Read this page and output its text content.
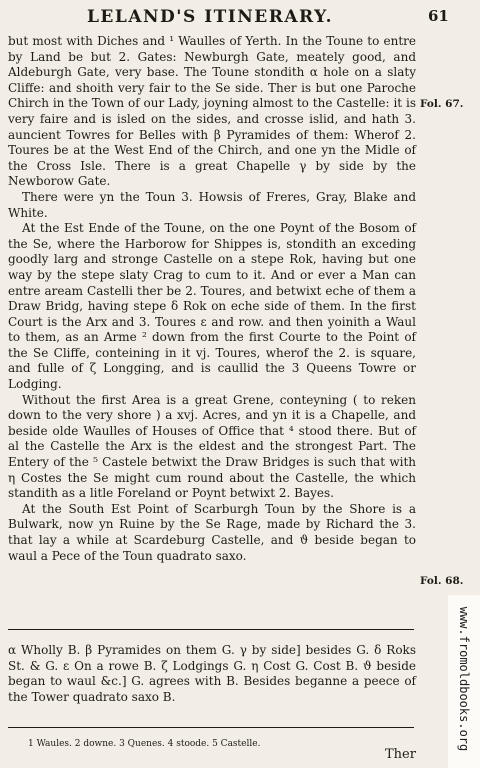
LELAND'S ITINERARY.	61

but most with Diches and ¹ Waulles of Yerth. In the Toune to entre by Land be but 2. Gates: Newburgh Gate, meately good, and Aldeburgh Gate, very base. The Toune stondith α hole on a slaty Cliffe: and shoith very fair to the Se side. Ther is but one Paroche Chirch in the Town of our Lady, joyning almost to the Castelle: it is very faire and is isled on the sides, and crosse islid, and hath 3. auncient Towres for Belles with β Pyramides of them: Wherof 2. Toures be at the West End of the Chirch, and one yn the Midle of the Cross Isle. There is a great Chapelle γ by side by the Newborow Gate.

There were yn the Toun 3. Howsis of Freres, Gray, Blake and White.

At the Est Ende of the Toune, on the one Poynt of the Bosom of the Se, where the Harborow for Shippes is, stondith an exceding goodly larg and stronge Castelle on a stepe Rok, having but one way by the stepe slaty Crag to cum to it. And or ever a Man can entre aream Castelli ther be 2. Toures, and betwixt eche of them a Draw Bridg, having stepe δ Rok on eche side of them. In the first Court is the Arx and 3. Toures ε and row. and then yoinith a Waul to them, as an Arme ² down from the first Courte to the Point of the Se Cliffe, conteining in it vj. Toures, wherof the 2. is square, and fulle of ζ Longging, and is caullid the 3 Queens Towre or Lodging.

Without the first Area is a great Grene, conteyning ( to reken down to the very shore ) a xvj. Acres, and yn it is a Chapelle, and beside olde Waulles of Houses of Office that ⁴ stood there. But of al the Castelle the Arx is the eldest and the strongest Part. The Entery of the ⁵ Castele betwixt the Draw Bridges is such that with η Costes the Se might cum round about the Castelle, the which standith as a litle Foreland or Poynt betwixt 2. Bayes.

At the South Est Point of Scarburgh Toun by the Shore is a Bulwark, now yn Ruine by the Se Rage, made by Richard the 3. that lay a while at Scardeburg Castelle, and ϑ beside began to waul a Pece of the Toun quadrato saxo.

Fol. 67.
Fol. 68.

α Wholly B. β Pyramides on them G. γ by side] besides G. δ Roks St. & G. ε On a rowe B. ζ Lodgings G. η Cost G. Cost B. ϑ beside began to waul &c.] G. agrees with B. Besides beganne a peece of the Tower quadrato saxo B.

1 Waules. 2 downe. 3 Quenes. 4 stoode. 5 Castelle.
Ther
www.fromoldbooks.org
